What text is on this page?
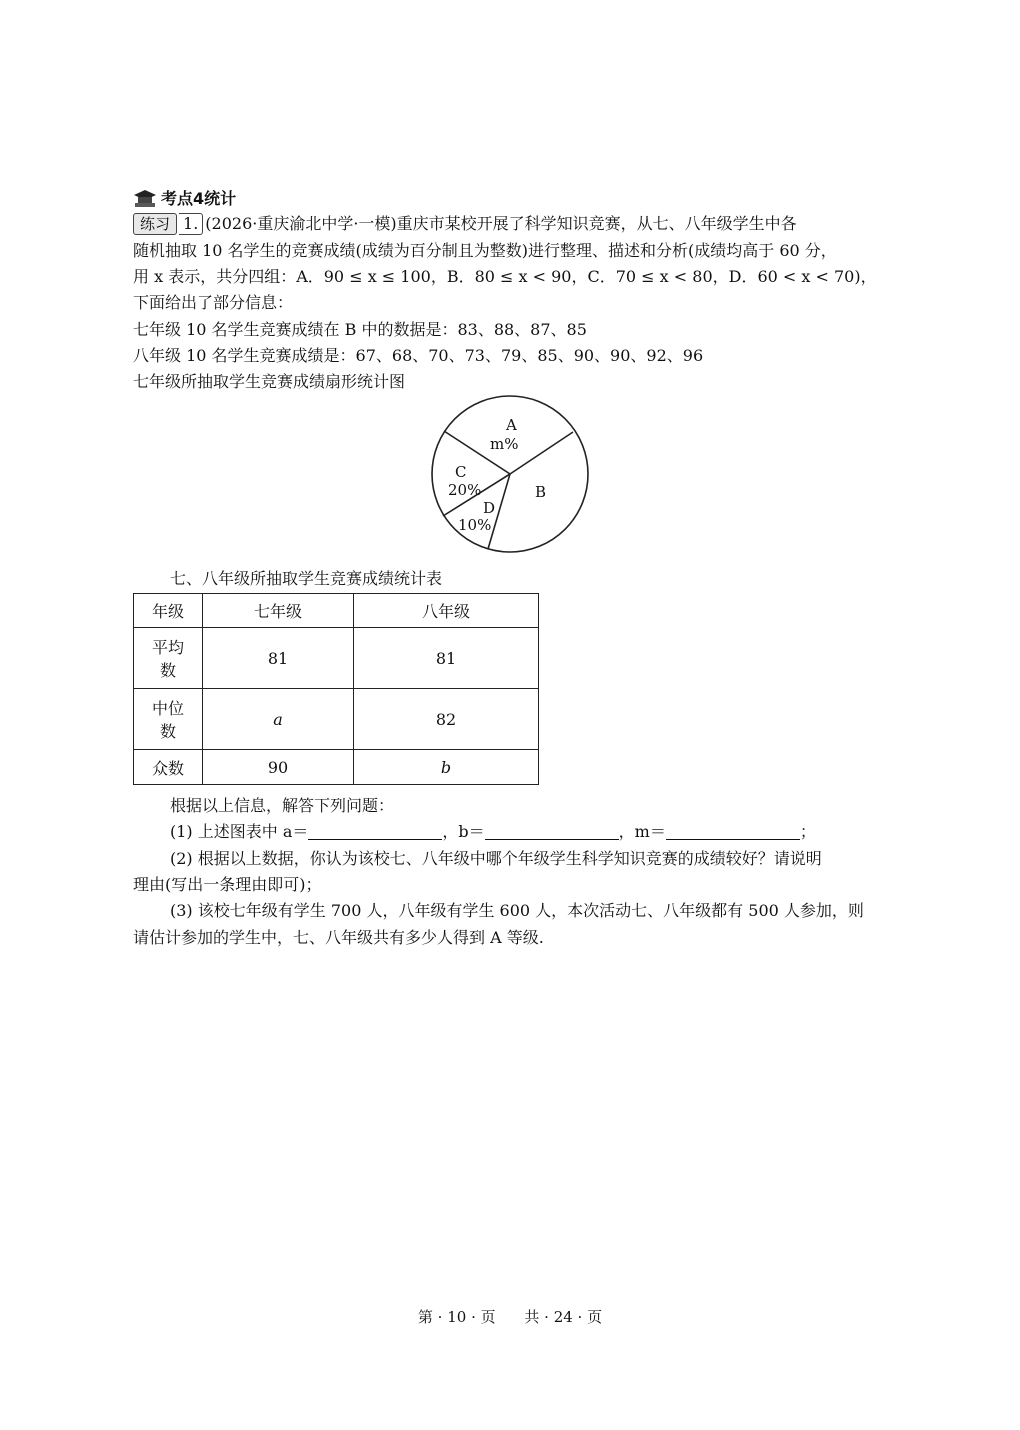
考点4统计
练习 1. (2026·重庆渝北中学·一模)重庆市某校开展了科学知识竞赛，从七、八年级学生中各
随机抽取 10 名学生的竞赛成绩(成绩为百分制且为整数)进行整理、描述和分析(成绩均高于 60 分，
用 x 表示，共分四组：A．90 ≤ x ≤ 100，B．80 ≤ x < 90，C．70 ≤ x < 80，D．60 < x < 70)，
下面给出了部分信息：
七年级 10 名学生竞赛成绩在 B 中的数据是：83、88、87、85
八年级 10 名学生竞赛成绩是：67、68、70、73、79、85、90、90、92、96
七年级所抽取学生竞赛成绩扇形统计图
A
m%
B
C
20%
D
10%
七、八年级所抽取学生竞赛成绩统计表
年级	七年级	八年级
平均
数	81	81
中位
数	a	82
众数	90	b
根据以上信息，解答下列问题：
(1) 上述图表中 a＝	，b＝	，m＝	；
(2) 根据以上数据，你认为该校七、八年级中哪个年级学生科学知识竞赛的成绩较好？请说明
理由(写出一条理由即可)；
(3) 该校七年级有学生 700 人，八年级有学生 600 人，本次活动七、八年级都有 500 人参加，则
请估计参加的学生中，七、八年级共有多少人得到 A 等级.
第 · 10 · 页 共 · 24 · 页
